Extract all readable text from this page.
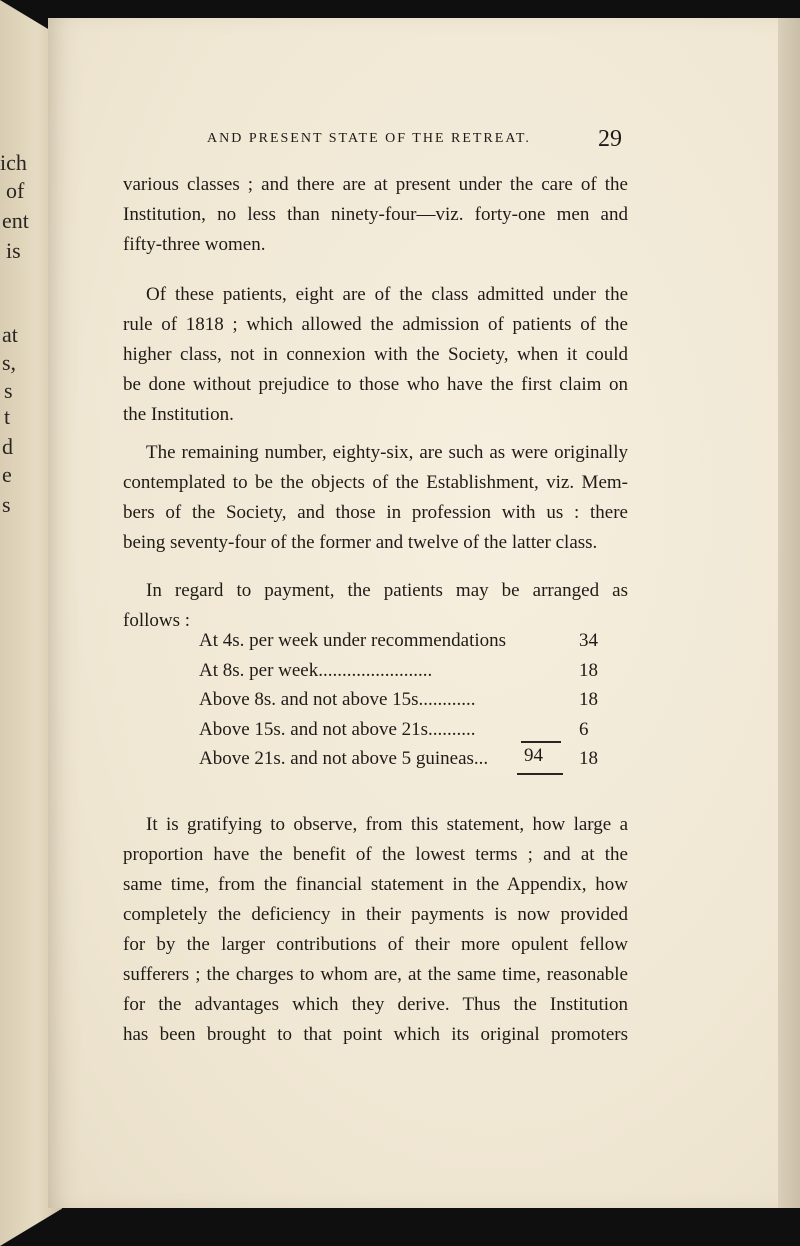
ich
of
ent
is
at
s,
s
t
d
e
s
AND PRESENT STATE OF THE RETREAT.	29
various classes ; and there are at present under the care of the
Institution, no less than ninety-four—viz. forty-one men and
fifty-three women.
Of these patients, eight are of the class admitted under the
rule of 1818 ; which allowed the admission of patients of the
higher class, not in connexion with the Society, when it could
be done without prejudice to those who have the first claim on
the Institution.
The remaining number, eighty-six, are such as were originally
contemplated to be the objects of the Establishment, viz. Mem-
bers of the Society, and those in profession with us : there
being seventy-four of the former and twelve of the latter class.
In regard to payment, the patients may be arranged as
follows :
At 4s. per week under recommendations	34
At 8s. per week........................	18
Above 8s. and not above 15s............	18
Above 15s. and not above 21s..........	6
Above 21s. and not above 5 guineas...	18
94
It is gratifying to observe, from this statement, how large a
proportion have the benefit of the lowest terms ; and at the
same time, from the financial statement in the Appendix, how
completely the deficiency in their payments is now provided
for by the larger contributions of their more opulent fellow
sufferers ; the charges to whom are, at the same time, reasonable
for the advantages which they derive. Thus the Institution
has been brought to that point which its original promoters
